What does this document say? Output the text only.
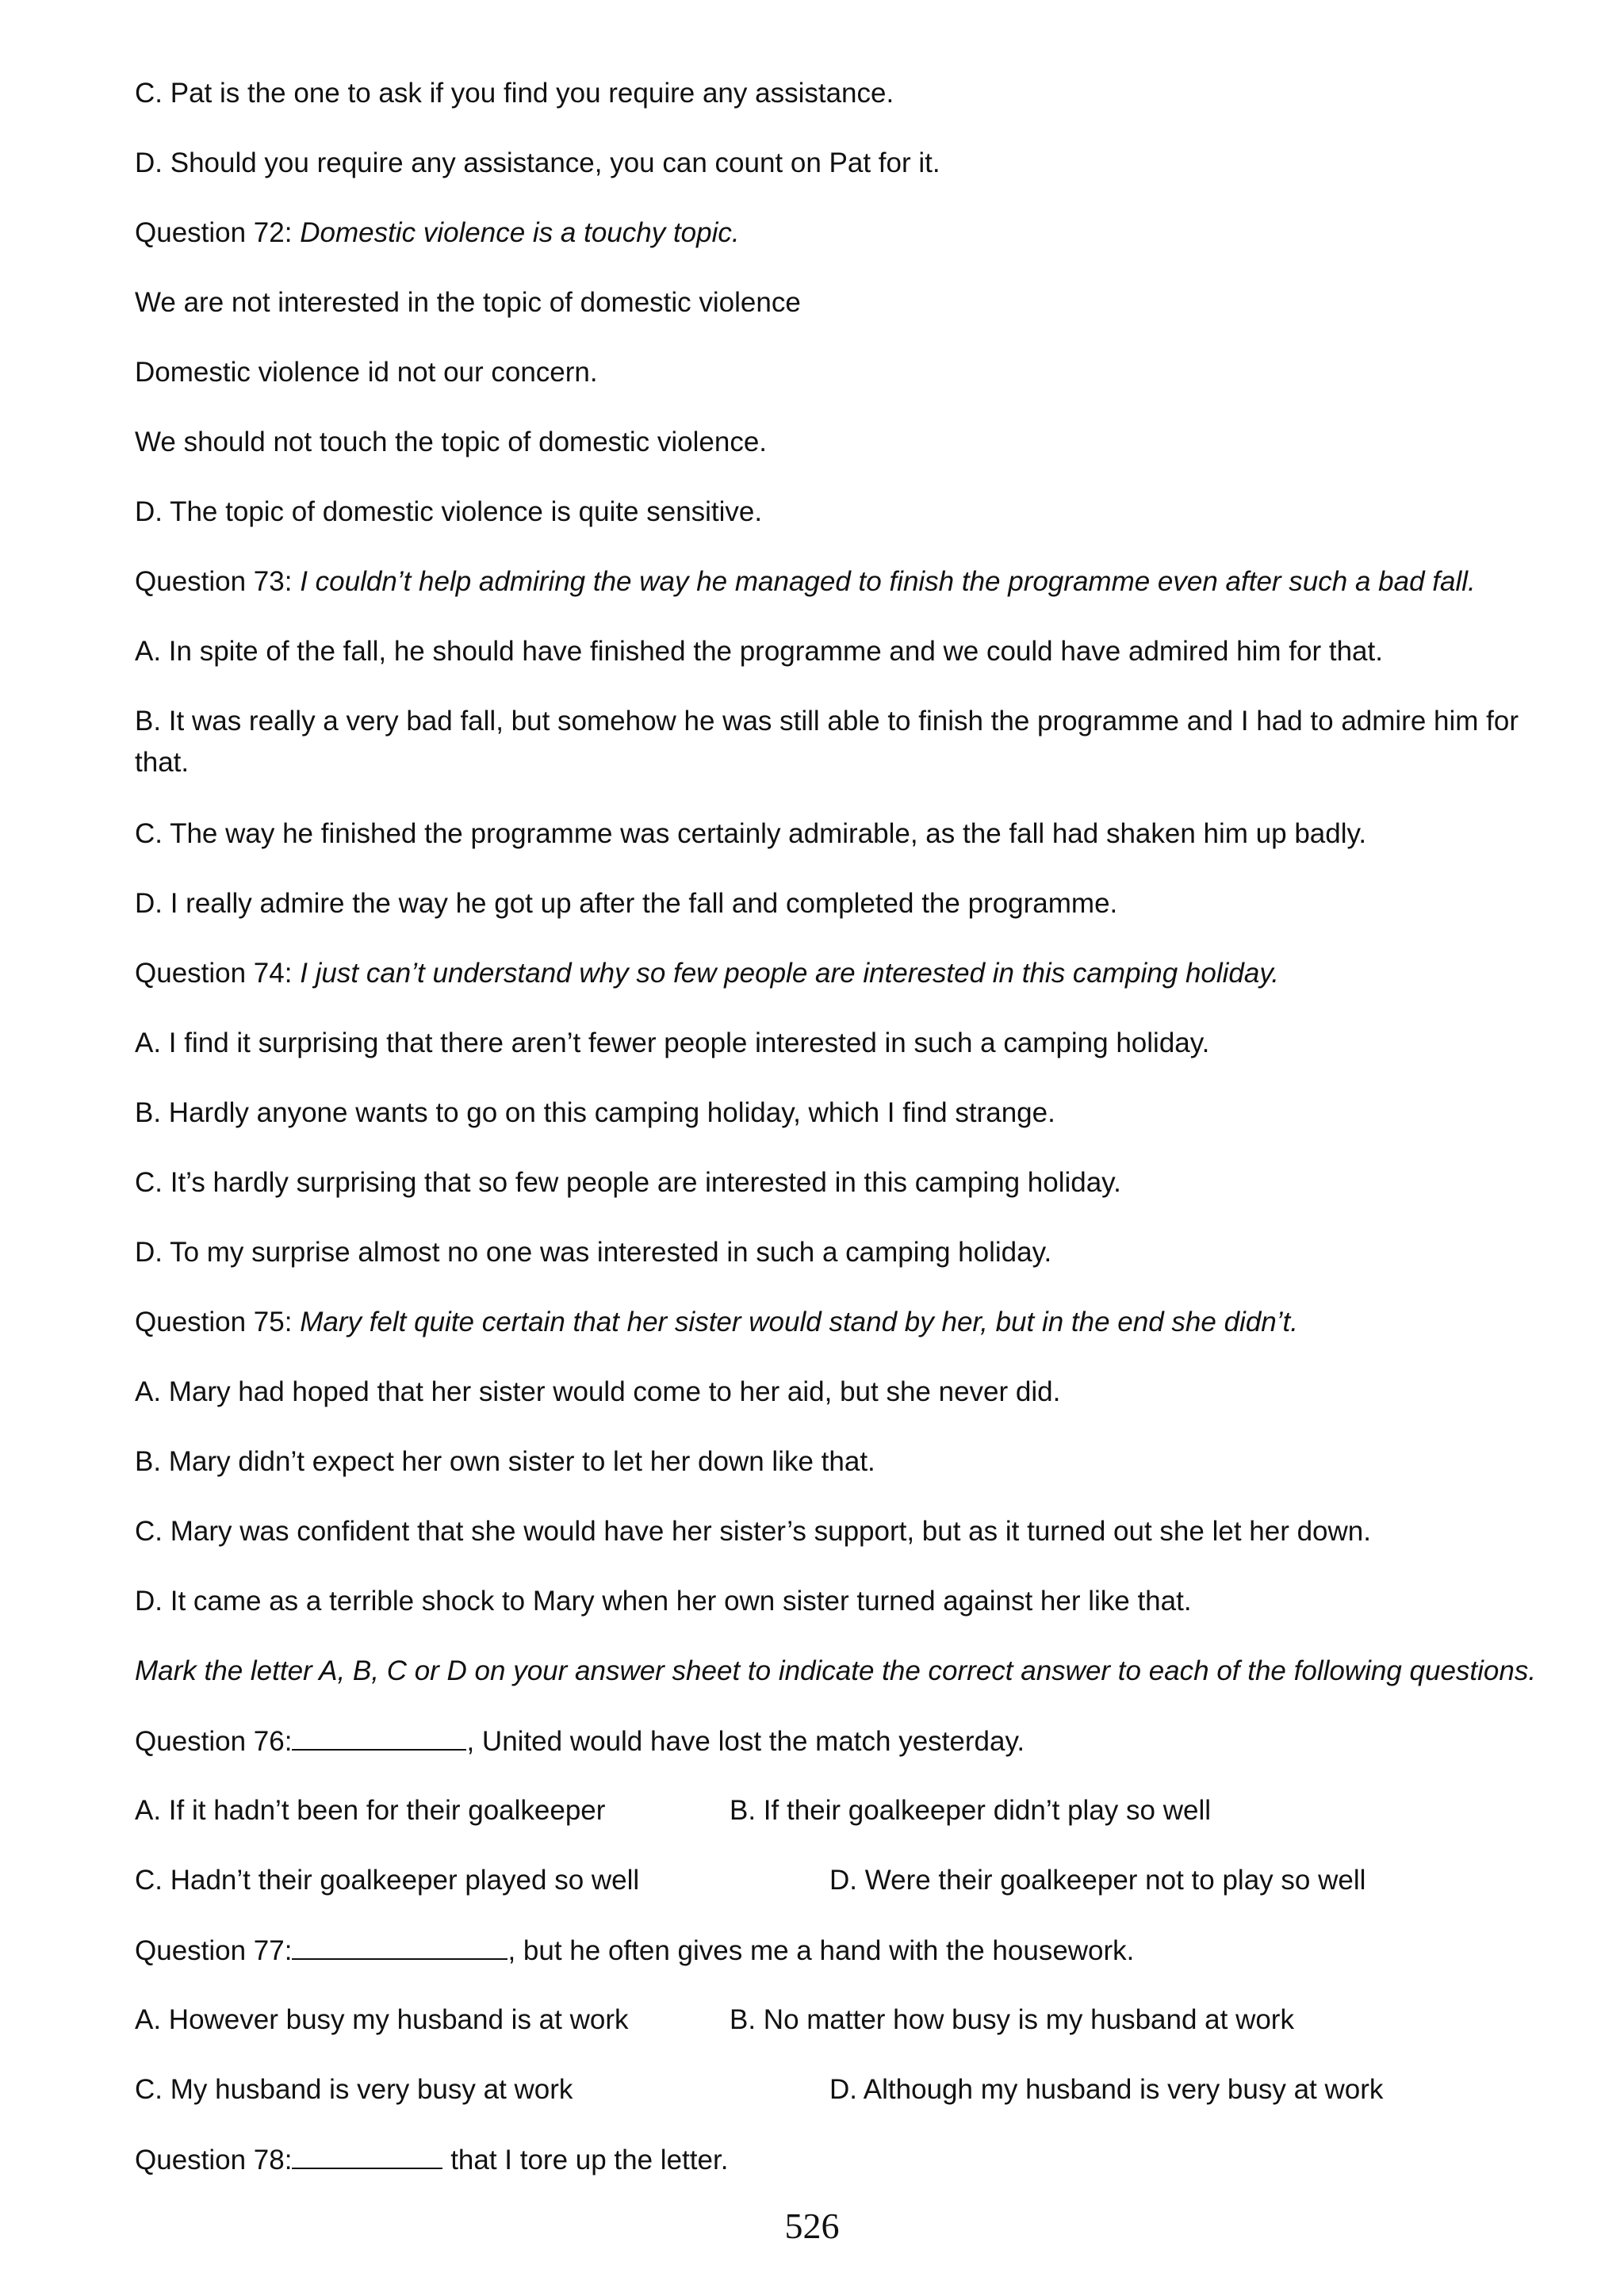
C. Pat is the one to ask if you find you require any assistance.
D. Should you require any assistance, you can count on Pat for it.
Question 72: Domestic violence is a touchy topic.
We are not interested in the topic of domestic violence
Domestic violence id not our concern.
We should not touch the topic of domestic violence.
D. The topic of domestic violence is quite sensitive.
Question 73: I couldn’t help admiring the way he managed to finish the programme even after such a bad fall.
A. In spite of the fall, he should have finished the programme and we could have admired him for that.
B. It was really a very bad fall, but somehow he was still able to finish the programme and I had to admire him for that.
C. The way he finished the programme was certainly admirable, as the fall had shaken him up badly.
D. I really admire the way he got up after the fall and completed the programme.
Question 74: I just can’t understand why so few people are interested in this camping holiday.
A. I find it surprising that there aren’t fewer people interested in such a camping holiday.
B. Hardly anyone wants to go on this camping holiday, which I find strange.
C. It’s hardly surprising that so few people are interested in this camping holiday.
D. To my surprise almost no one was interested in such a camping holiday.
Question 75: Mary felt quite certain that her sister would stand by her, but in the end she didn’t.
A. Mary had hoped that her sister would come to her aid, but she never did.
B. Mary didn’t expect her own sister to let her down like that.
C. Mary was confident that she would have her sister’s support, but as it turned out she let her down.
D. It came as a terrible shock to Mary when her own sister turned against her like that.
Mark the letter A, B, C or D on your answer sheet to indicate the correct answer to each of the following questions.
Question 76:	, United would have lost the match yesterday.
A. If it hadn’t been for their goalkeeper	B. If their goalkeeper didn’t play so well
C. Hadn’t their goalkeeper played so well	D. Were their goalkeeper not to play so well
Question 77:	, but he often gives me a hand with the housework.
A. However busy my husband is at work	B. No matter how busy is my husband at work
C. My husband is very busy at work	D. Although my husband is very busy at work
Question 78:	that I tore up the letter.
526
